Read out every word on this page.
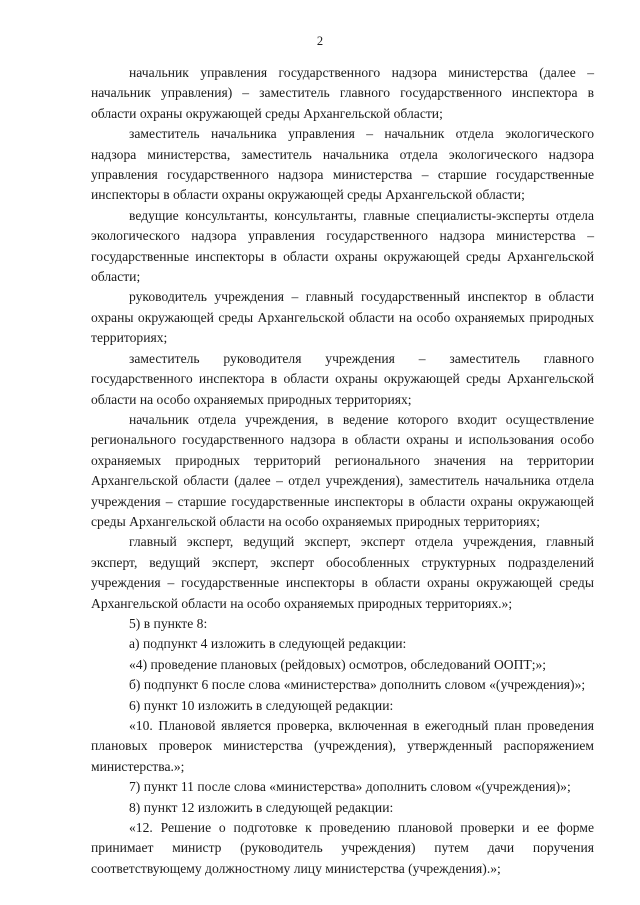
2

начальник управления государственного надзора министерства (далее – начальник управления) – заместитель главного государственного инспектора в области охраны окружающей среды Архангельской области;

заместитель начальника управления – начальник отдела экологического надзора министерства, заместитель начальника отдела экологического надзора управления государственного надзора министерства – старшие государственные инспекторы в области охраны окружающей среды Архангельской области;

ведущие консультанты, консультанты, главные специалисты-эксперты отдела экологического надзора управления государственного надзора министерства – государственные инспекторы в области охраны окружающей среды Архангельской области;

руководитель учреждения – главный государственный инспектор в области охраны окружающей среды Архангельской области на особо охраняемых природных территориях;

заместитель руководителя учреждения – заместитель главного государственного инспектора в области охраны окружающей среды Архангельской области на особо охраняемых природных территориях;

начальник отдела учреждения, в ведение которого входит осуществление регионального государственного надзора в области охраны и использования особо охраняемых природных территорий регионального значения на территории Архангельской области (далее – отдел учреждения), заместитель начальника отдела учреждения – старшие государственные инспекторы в области охраны окружающей среды Архангельской области на особо охраняемых природных территориях;

главный эксперт, ведущий эксперт, эксперт отдела учреждения, главный эксперт, ведущий эксперт, эксперт обособленных структурных подразделений учреждения – государственные инспекторы в области охраны окружающей среды Архангельской области на особо охраняемых природных территориях.»;

5) в пункте 8:

а) подпункт 4 изложить в следующей редакции:

«4) проведение плановых (рейдовых) осмотров, обследований ООПТ;»;

б) подпункт 6 после слова «министерства» дополнить словом «(учреждения)»;

6) пункт 10 изложить в следующей редакции:

«10. Плановой является проверка, включенная в ежегодный план проведения плановых проверок министерства (учреждения), утвержденный распоряжением министерства.»;

7) пункт 11 после слова «министерства» дополнить словом «(учреждения)»;

8) пункт 12 изложить в следующей редакции:

«12. Решение о подготовке к проведению плановой проверки и ее форме принимает министр (руководитель учреждения) путем дачи поручения соответствующему должностному лицу министерства (учреждения).»;
